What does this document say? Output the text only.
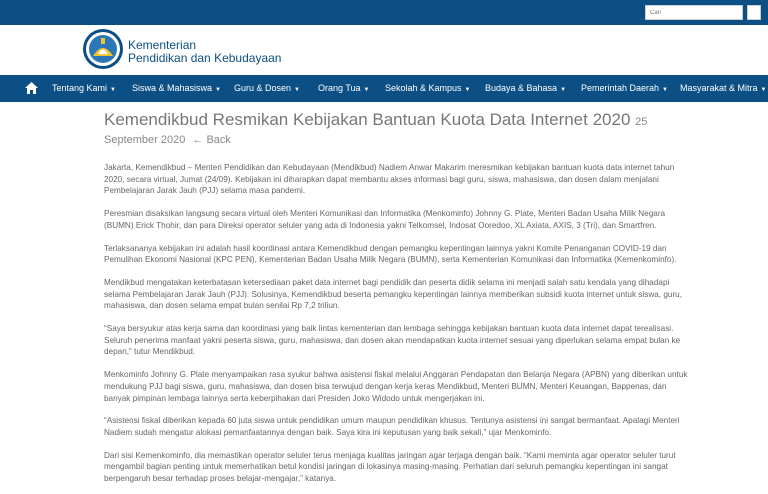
Cari
Kementerian
Pendidikan dan Kebudayaan
Tentang Kami ▼ Siswa & Mahasiswa ▼ Guru & Dosen ▼ Orang Tua ▼ Sekolah & Kampus ▼ Budaya & Bahasa ▼ Pemerintah Daerah ▼ Masyarakat & Mitra ▼
Kemendikbud Resmikan Kebijakan Bantuan Kuota Data Internet 2020 25
September 2020 ← Back

Jakarta, Kemendikbud – Menteri Pendidikan dan Kebudayaan (Mendikbud) Nadiem Anwar Makarim meresmikan kebijakan bantuan kuota data internet tahun 2020, secara virtual, Jumat (24/09). Kebijakan ini diharapkan dapat membantu akses informasi bagi guru, siswa, mahasiswa, dan dosen dalam menjalani Pembelajaran Jarak Jauh (PJJ) selama masa pandemi.

Peresmian disaksikan langsung secara virtual oleh Menteri Komunikasi dan Informatika (Menkominfo) Johnny G. Plate, Menteri Badan Usaha Milik Negara (BUMN) Erick Thohir, dan para Direksi operator seluler yang ada di Indonesia yakni Telkomsel, Indosat Ooredoo, XL Axiata, AXIS, 3 (Tri), dan Smartfren.

Terlaksananya kebijakan ini adalah hasil koordinasi antara Kemendikbud dengan pemangku kepentingan lainnya yakni Komite Penanganan COVID-19 dan Pemulihan Ekonomi Nasional (KPC PEN), Kementerian Badan Usaha Milik Negara (BUMN), serta Kementerian Komunikasi dan Informatika (Kemenkominfo).

Mendikbud mengatakan keterbatasan ketersediaan paket data internet bagi pendidik dan peserta didik selama ini menjadi salah satu kendala yang dihadapi selama Pembelajaran Jarak Jauh (PJJ). Solusinya, Kemendikbud beserta pemangku kepentingan lainnya memberikan subsidi kuota internet untuk siswa, guru, mahasiswa, dan dosen selama empat bulan senilai Rp 7,2 triliun.

“Saya bersyukur atas kerja sama dan koordinasi yang baik lintas kementerian dan lembaga sehingga kebijakan bantuan kuota data internet dapat terealisasi. Seluruh penerima manfaat yakni peserta siswa, guru, mahasiswa, dan dosen akan mendapatkan kuota internet sesuai yang diperlukan selama empat bulan ke depan,” tutur Mendikbud.

Menkominfo Johnny G. Plate menyampaikan rasa syukur bahwa asistensi fiskal melalui Anggaran Pendapatan dan Belanja Negara (APBN) yang diberikan untuk mendukung PJJ bagi siswa, guru, mahasiswa, dan dosen bisa terwujud dengan kerja keras Mendikbud, Menteri BUMN, Menteri Keuangan, Bappenas, dan banyak pimpinan lembaga lainnya serta keberpihakan dari Presiden Joko Widodo untuk mengerjakan ini.

“Asistensi fiskal diberikan kepada 60 juta siswa untuk pendidikan umum maupun pendidikan khusus. Tentunya asistensi ini sangat bermanfaat. Apalagi Menteri Nadiem sudah mengatur alokasi pemanfaatannya dengan baik. Saya kira ini keputusan yang baik sekali,” ujar Menkominfo.

Dari sisi Kemenkominfo, dia memastikan operator seluler terus menjaga kualitas jaringan agar terjaga dengan baik. “Kami meminta agar operator seluler turut mengambil bagian penting untuk memerhatikan betul kondisi jaringan di lokasinya masing-masing. Perhatian dari seluruh pemangku kepentingan ini sangat berpengaruh besar terhadap proses belajar-mengajar,” katanya.
